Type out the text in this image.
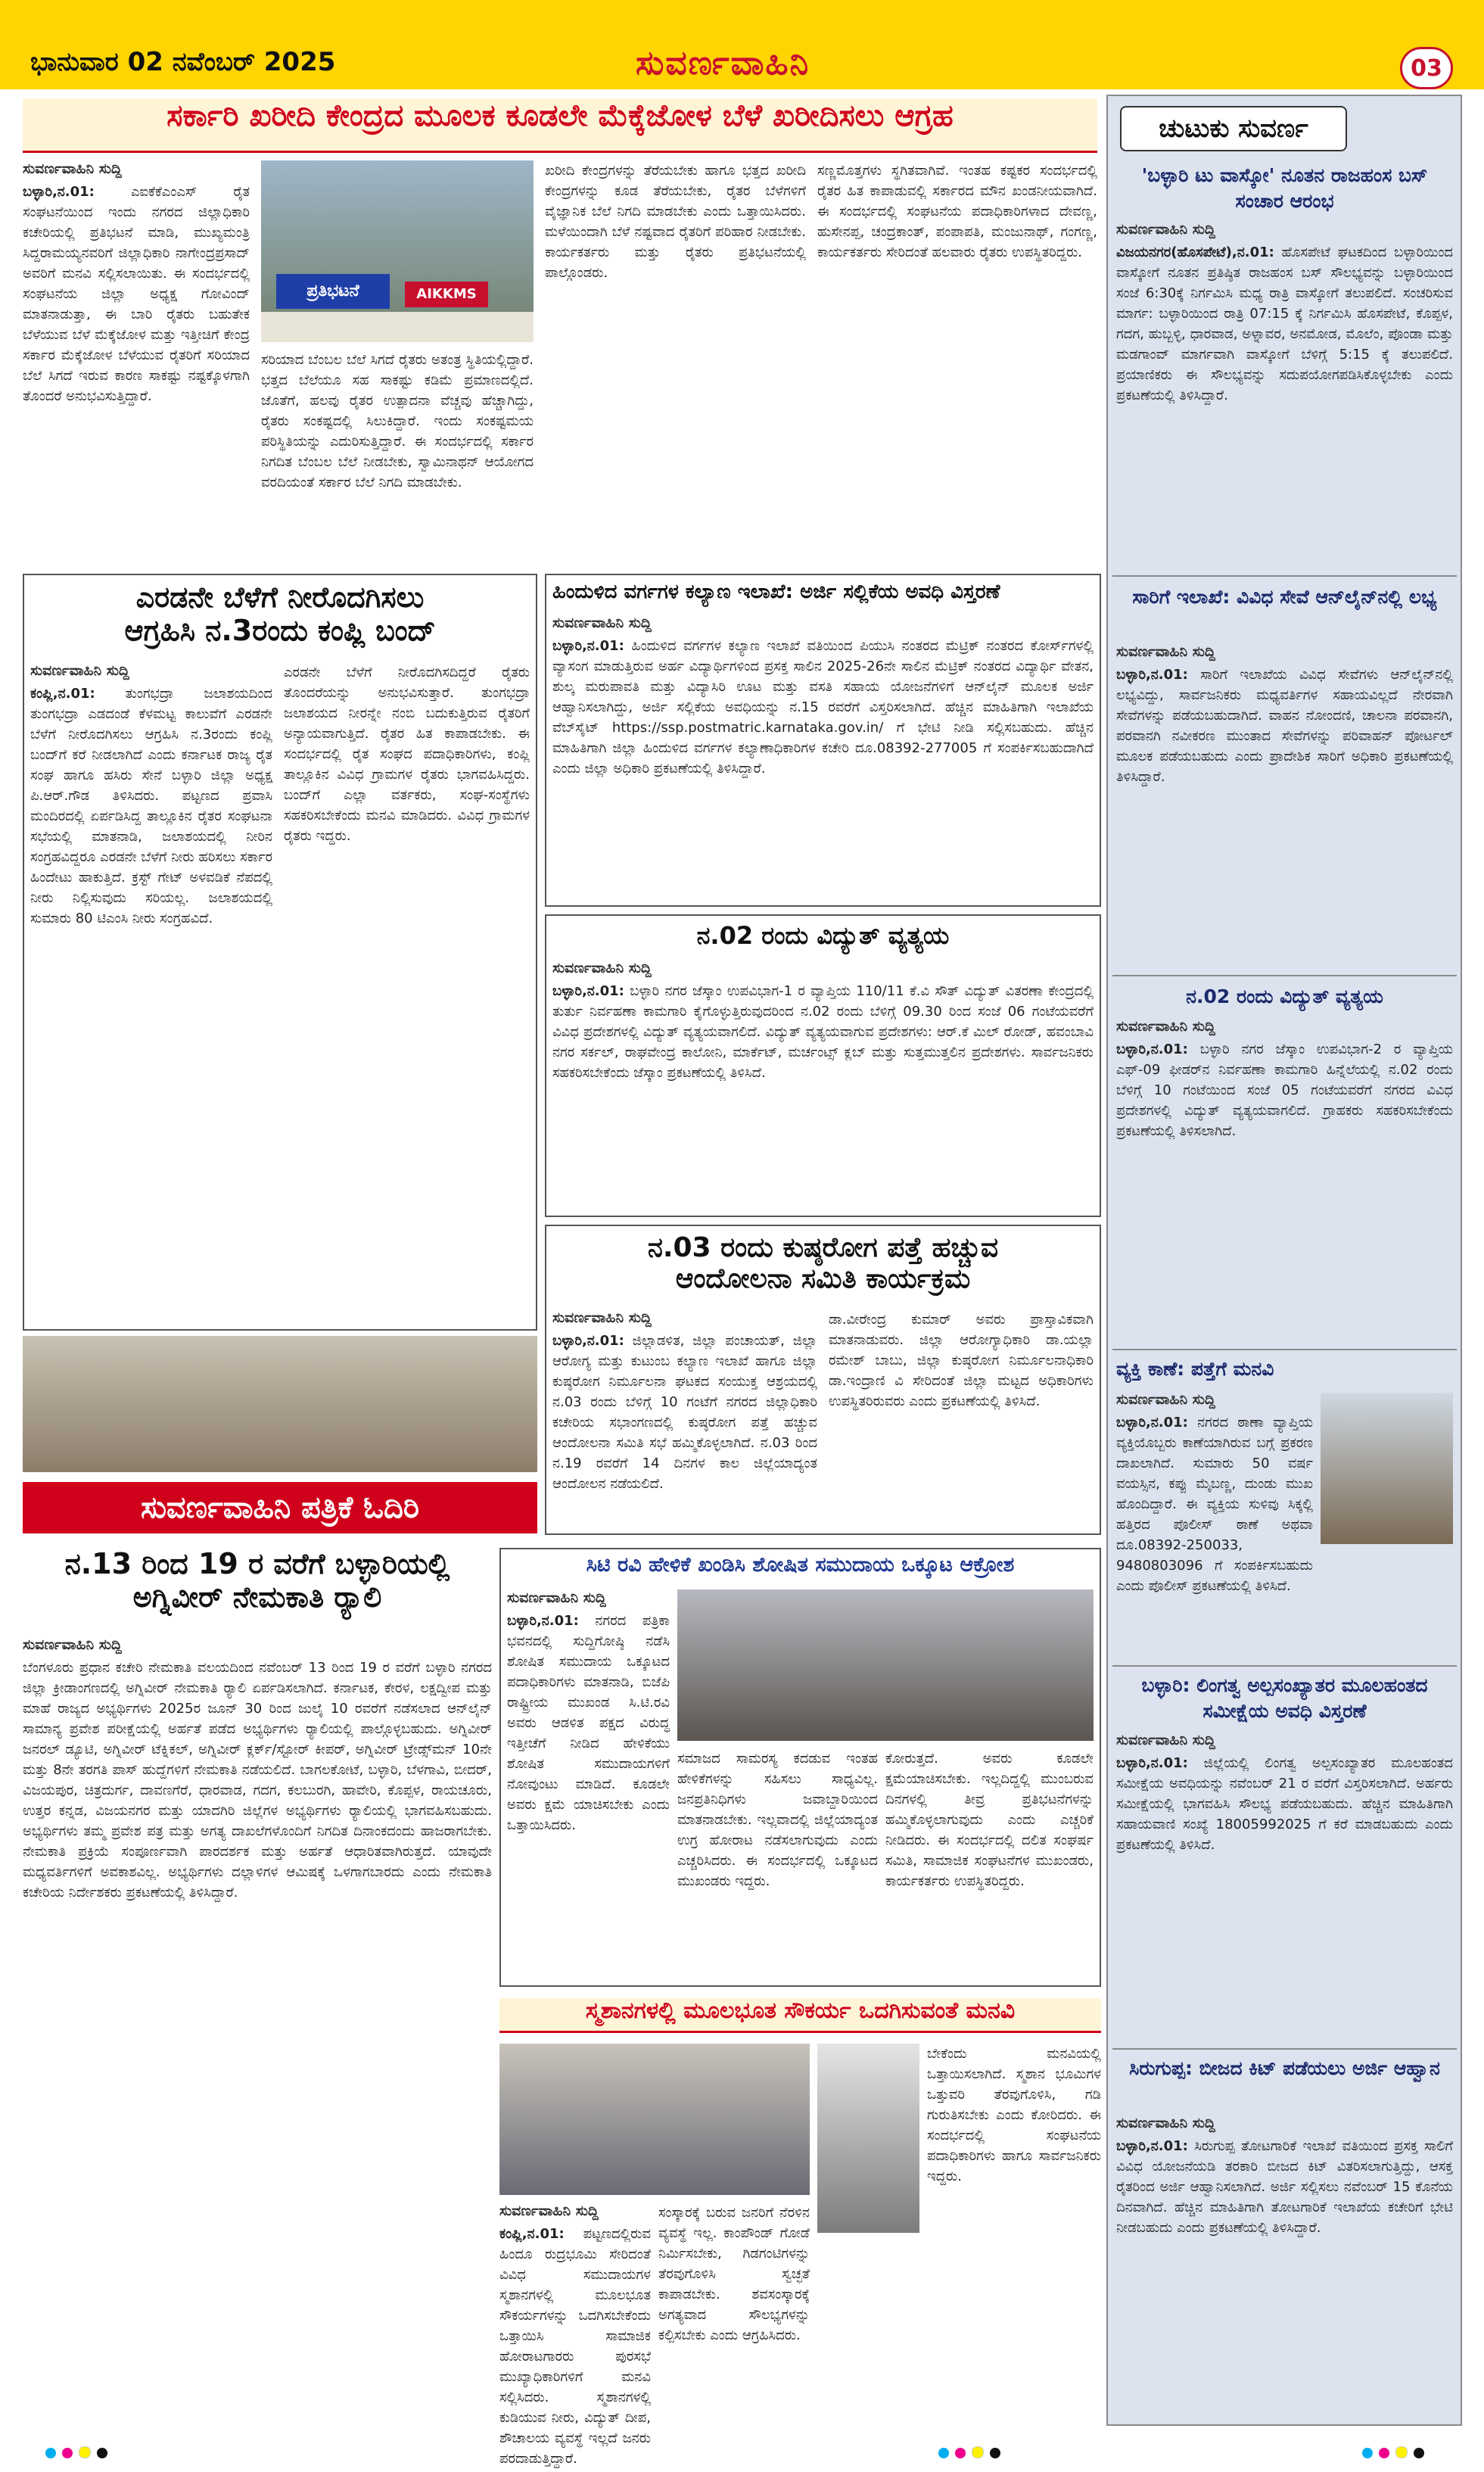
ಭಾನುವಾರ 02 ನವೆಂಬರ್ 2025	ಸುವರ್ಣವಾಹಿನಿ	03
ಸರ್ಕಾರಿ ಖರೀದಿ ಕೇಂದ್ರದ ಮೂಲಕ ಕೂಡಲೇ ಮೆಕ್ಕೆಜೋಳ ಬೆಳೆ ಖರೀದಿಸಲು ಆಗ್ರಹ
ಸುವರ್ಣವಾಹಿನಿ ಸುದ್ದಿ
ಬಳ್ಳಾರಿ,ನ.01:	ಎಐಕೆಕೆಎಂಎಸ್ ರೈತ ಸಂಘಟನೆಯಿಂದ ಇಂದು ನಗರದ ಜಿಲ್ಲಾಧಿಕಾರಿ ಕಚೇರಿಯಲ್ಲಿ ಪ್ರತಿಭಟನೆ ಮಾಡಿ, ಮುಖ್ಯಮಂತ್ರಿ ಸಿದ್ದರಾಮಯ್ಯನವರಿಗೆ ಜಿಲ್ಲಾಧಿಕಾರಿ ನಾಗೇಂದ್ರಪ್ರಸಾದ್ ಅವರಿಗೆ ಮನವಿ ಸಲ್ಲಿಸಲಾಯಿತು. ಈ ಸಂದರ್ಭದಲ್ಲಿ ಸಂಘಟನೆಯ ಜಿಲ್ಲಾ ಅಧ್ಯಕ್ಷ ಗೋವಿಂದ್ ಮಾತನಾಡುತ್ತಾ, ಈ ಬಾರಿ ರೈತರು ಬಹುತೇಕ ಬೆಳೆಯುವ ಬೆಳೆ ಮೆಕ್ಕೆಜೋಳ ಮತ್ತು ಇತ್ತೀಚಿಗೆ ಕೇಂದ್ರ ಸರ್ಕಾರ ಮೆಕ್ಕೆಜೋಳ ಬೆಳೆಯುವ ರೈತರಿಗೆ ಸರಿಯಾದ ಬೆಲೆ ಸಿಗದೆ ಇರುವ ಕಾರಣ ಸಾಕಷ್ಟು ನಷ್ಟಕ್ಕೊಳಗಾಗಿ ತೊಂದರೆ ಅನುಭವಿಸುತ್ತಿದ್ದಾರೆ.
ಪ್ರತಿಭಟನೆ	AIKKMS
ಸರಿಯಾದ ಬೆಂಬಲ ಬೆಲೆ ಸಿಗದೆ ರೈತರು ಅತಂತ್ರ ಸ್ಥಿತಿಯಲ್ಲಿದ್ದಾರೆ. ಭತ್ತದ ಬೆಲೆಯೂ ಸಹ ಸಾಕಷ್ಟು ಕಡಿಮೆ ಪ್ರಮಾಣದಲ್ಲಿದೆ. ಜೊತೆಗೆ, ಹಲವು ರೈತರ ಉತ್ಪಾದನಾ ವೆಚ್ಚವು ಹೆಚ್ಚಾಗಿದ್ದು, ರೈತರು ಸಂಕಷ್ಟದಲ್ಲಿ ಸಿಲುಕಿದ್ದಾರೆ. ಇಂದು ಸಂಕಷ್ಟಮಯ ಪರಿಸ್ಥಿತಿಯನ್ನು ಎದುರಿಸುತ್ತಿದ್ದಾರೆ. ಈ ಸಂದರ್ಭದಲ್ಲಿ ಸರ್ಕಾರ ನಿಗದಿತ ಬೆಂಬಲ ಬೆಲೆ ನೀಡಬೇಕು, ಸ್ವಾಮಿನಾಥನ್ ಆಯೋಗದ ವರದಿಯಂತೆ ಸರ್ಕಾರ ಬೆಲೆ ನಿಗದಿ ಮಾಡಬೇಕು.
ಖರೀದಿ ಕೇಂದ್ರಗಳನ್ನು ತೆರೆಯಬೇಕು ಹಾಗೂ ಭತ್ತದ ಖರೀದಿ ಕೇಂದ್ರಗಳನ್ನು ಕೂಡ ತೆರೆಯಬೇಕು, ರೈತರ ಬೆಳೆಗಳಿಗೆ ವೈಜ್ಞಾನಿಕ ಬೆಲೆ ನಿಗದಿ ಮಾಡಬೇಕು ಎಂದು ಒತ್ತಾಯಿಸಿದರು. ಮಳೆಯಿಂದಾಗಿ ಬೆಳೆ ನಷ್ಟವಾದ ರೈತರಿಗೆ ಪರಿಹಾರ ನೀಡಬೇಕು. ಕಾರ್ಯಕರ್ತರು ಮತ್ತು ರೈತರು ಪ್ರತಿಭಟನೆಯಲ್ಲಿ ಪಾಲ್ಗೊಂಡರು.
ಸಣ್ಣಮೊತ್ತಗಳು ಸ್ಥಗಿತವಾಗಿವೆ. ಇಂತಹ ಕಷ್ಟಕರ ಸಂದರ್ಭದಲ್ಲಿ ರೈತರ ಹಿತ ಕಾಪಾಡುವಲ್ಲಿ ಸರ್ಕಾರದ ಮೌನ ಖಂಡನೀಯವಾಗಿದೆ. ಈ ಸಂದರ್ಭದಲ್ಲಿ ಸಂಘಟನೆಯ ಪದಾಧಿಕಾರಿಗಳಾದ ದೇವಣ್ಣ, ಹುಸೇನಪ್ಪ, ಚಂದ್ರಕಾಂತ್, ಪಂಪಾಪತಿ, ಮಂಜುನಾಥ್, ಗಂಗಣ್ಣ, ಕಾರ್ಯಕರ್ತರು ಸೇರಿದಂತೆ ಹಲವಾರು ರೈತರು ಉಪಸ್ಥಿತರಿದ್ದರು.
ಎರಡನೇ ಬೆಳೆಗೆ ನೀರೊದಗಿಸಲು
ಆಗ್ರಹಿಸಿ ನ.3ರಂದು ಕಂಪ್ಲಿ ಬಂದ್
ಸುವರ್ಣವಾಹಿನಿ ಸುದ್ದಿ
ಕಂಪ್ಲಿ,ನ.01: ತುಂಗಭದ್ರಾ ಜಲಾಶಯದಿಂದ ತುಂಗಭದ್ರಾ ಎಡದಂಡೆ ಕೆಳಮಟ್ಟ ಕಾಲುವೆಗೆ ಎರಡನೇ ಬೆಳೆಗೆ ನೀರೊದಗಿಸಲು ಆಗ್ರಹಿಸಿ ನ.3ರಂದು ಕಂಪ್ಲಿ ಬಂದ್‌ಗೆ ಕರೆ ನೀಡಲಾಗಿದೆ ಎಂದು ಕರ್ನಾಟಕ ರಾಜ್ಯ ರೈತ ಸಂಘ ಹಾಗೂ ಹಸಿರು ಸೇನೆ ಬಳ್ಳಾರಿ ಜಿಲ್ಲಾ ಅಧ್ಯಕ್ಷ ಪಿ.ಆರ್.ಗೌಡ ತಿಳಿಸಿದರು. ಪಟ್ಟಣದ ಪ್ರವಾಸಿ ಮಂದಿರದಲ್ಲಿ ಏರ್ಪಡಿಸಿದ್ದ ತಾಲ್ಲೂಕಿನ ರೈತರ ಸಂಘಟನಾ ಸಭೆಯಲ್ಲಿ ಮಾತನಾಡಿ, ಜಲಾಶಯದಲ್ಲಿ ನೀರಿನ ಸಂಗ್ರಹವಿದ್ದರೂ ಎರಡನೇ ಬೆಳೆಗೆ ನೀರು ಹರಿಸಲು ಸರ್ಕಾರ ಹಿಂದೇಟು ಹಾಕುತ್ತಿದೆ. ಕ್ರಸ್ಟ್ ಗೇಟ್ ಅಳವಡಿಕೆ ನೆಪದಲ್ಲಿ ನೀರು ನಿಲ್ಲಿಸುವುದು ಸರಿಯಲ್ಲ. ಜಲಾಶಯದಲ್ಲಿ ಸುಮಾರು 80 ಟಿಎಂಸಿ ನೀರು ಸಂಗ್ರಹವಿದೆ.
ಎರಡನೇ ಬೆಳೆಗೆ ನೀರೊದಗಿಸದಿದ್ದರೆ ರೈತರು ತೊಂದರೆಯನ್ನು ಅನುಭವಿಸುತ್ತಾರೆ. ತುಂಗಭದ್ರಾ ಜಲಾಶಯದ ನೀರನ್ನೇ ನಂಬಿ ಬದುಕುತ್ತಿರುವ ರೈತರಿಗೆ ಅನ್ಯಾಯವಾಗುತ್ತಿದೆ. ರೈತರ ಹಿತ ಕಾಪಾಡಬೇಕು. ಈ ಸಂದರ್ಭದಲ್ಲಿ ರೈತ ಸಂಘದ ಪದಾಧಿಕಾರಿಗಳು, ಕಂಪ್ಲಿ ತಾಲ್ಲೂಕಿನ ವಿವಿಧ ಗ್ರಾಮಗಳ ರೈತರು ಭಾಗವಹಿಸಿದ್ದರು. ಬಂದ್‌ಗೆ ಎಲ್ಲಾ ವರ್ತಕರು, ಸಂಘ-ಸಂಸ್ಥೆಗಳು ಸಹಕರಿಸಬೇಕೆಂದು ಮನವಿ ಮಾಡಿದರು. ವಿವಿಧ ಗ್ರಾಮಗಳ ರೈತರು ಇದ್ದರು.
ಸುವರ್ಣವಾಹಿನಿ ಪತ್ರಿಕೆ ಓದಿರಿ
ಹಿಂದುಳಿದ ವರ್ಗಗಳ ಕಲ್ಯಾಣ ಇಲಾಖೆ: ಅರ್ಜಿ ಸಲ್ಲಿಕೆಯ ಅವಧಿ ವಿಸ್ತರಣೆ
ಸುವರ್ಣವಾಹಿನಿ ಸುದ್ದಿ
ಬಳ್ಳಾರಿ,ನ.01: ಹಿಂದುಳಿದ ವರ್ಗಗಳ ಕಲ್ಯಾಣ ಇಲಾಖೆ ವತಿಯಿಂದ ಪಿಯುಸಿ ನಂತರದ ಮೆಟ್ರಿಕ್ ನಂತರದ ಕೋರ್ಸ್‌ಗಳಲ್ಲಿ ವ್ಯಾಸಂಗ ಮಾಡುತ್ತಿರುವ ಅರ್ಹ ವಿದ್ಯಾರ್ಥಿಗಳಿಂದ ಪ್ರಸಕ್ತ ಸಾಲಿನ 2025-26ನೇ ಸಾಲಿನ ಮೆಟ್ರಿಕ್ ನಂತರದ ವಿದ್ಯಾರ್ಥಿ ವೇತನ, ಶುಲ್ಕ ಮರುಪಾವತಿ ಮತ್ತು ವಿದ್ಯಾಸಿರಿ ಊಟ ಮತ್ತು ವಸತಿ ಸಹಾಯ ಯೋಜನೆಗಳಿಗೆ ಆನ್‌ಲೈನ್ ಮೂಲಕ ಅರ್ಜಿ ಆಹ್ವಾನಿಸಲಾಗಿದ್ದು, ಅರ್ಜಿ ಸಲ್ಲಿಕೆಯ ಅವಧಿಯನ್ನು ನ.15 ರವರೆಗೆ ವಿಸ್ತರಿಸಲಾಗಿದೆ. ಹೆಚ್ಚಿನ ಮಾಹಿತಿಗಾಗಿ ಇಲಾಖೆಯ ವೆಬ್‌ಸೈಟ್ https://ssp.postmatric.karnataka.gov.in/ ಗೆ ಭೇಟಿ ನೀಡಿ ಸಲ್ಲಿಸಬಹುದು. ಹೆಚ್ಚಿನ ಮಾಹಿತಿಗಾಗಿ ಜಿಲ್ಲಾ ಹಿಂದುಳಿದ ವರ್ಗಗಳ ಕಲ್ಯಾಣಾಧಿಕಾರಿಗಳ ಕಚೇರಿ ದೂ.08392-277005 ಗೆ ಸಂಪರ್ಕಿಸಬಹುದಾಗಿದೆ ಎಂದು ಜಿಲ್ಲಾ ಅಧಿಕಾರಿ ಪ್ರಕಟಣೆಯಲ್ಲಿ ತಿಳಿಸಿದ್ದಾರೆ.
ನ.02 ರಂದು ವಿದ್ಯುತ್ ವ್ಯತ್ಯಯ
ಸುವರ್ಣವಾಹಿನಿ ಸುದ್ದಿ
ಬಳ್ಳಾರಿ,ನ.01: ಬಳ್ಳಾರಿ ನಗರ ಜೆಸ್ಕಾಂ ಉಪವಿಭಾಗ-1 ರ ವ್ಯಾಪ್ತಿಯ 110/11 ಕೆ.ವಿ ಸೌತ್ ವಿದ್ಯುತ್ ವಿತರಣಾ ಕೇಂದ್ರದಲ್ಲಿ ತುರ್ತು ನಿರ್ವಹಣಾ ಕಾಮಗಾರಿ ಕೈಗೊಳ್ಳುತ್ತಿರುವುದರಿಂದ ನ.02 ರಂದು ಬೆಳಿಗ್ಗೆ 09.30 ರಿಂದ ಸಂಜೆ 06 ಗಂಟೆಯವರೆಗೆ ವಿವಿಧ ಪ್ರದೇಶಗಳಲ್ಲಿ ವಿದ್ಯುತ್ ವ್ಯತ್ಯಯವಾಗಲಿದೆ. ವಿದ್ಯುತ್ ವ್ಯತ್ಯಯವಾಗುವ ಪ್ರದೇಶಗಳು: ಆರ್.ಕೆ ಮಿಲ್ ರೋಡ್, ಹವಂಬಾವಿ ನಗರ ಸರ್ಕಲ್, ರಾಘವೇಂದ್ರ ಕಾಲೋನಿ, ಮಾರ್ಕೆಟ್, ಮರ್ಚಂಟ್ಸ್ ಕ್ಲಬ್ ಮತ್ತು ಸುತ್ತಮುತ್ತಲಿನ ಪ್ರದೇಶಗಳು. ಸಾರ್ವಜನಿಕರು ಸಹಕರಿಸಬೇಕೆಂದು ಜೆಸ್ಕಾಂ ಪ್ರಕಟಣೆಯಲ್ಲಿ ತಿಳಿಸಿದೆ.
ನ.03 ರಂದು ಕುಷ್ಠರೋಗ ಪತ್ತೆ ಹಚ್ಚುವ
ಆಂದೋಲನಾ ಸಮಿತಿ ಕಾರ್ಯಕ್ರಮ
ಸುವರ್ಣವಾಹಿನಿ ಸುದ್ದಿ
ಬಳ್ಳಾರಿ,ನ.01: ಜಿಲ್ಲಾಡಳಿತ, ಜಿಲ್ಲಾ ಪಂಚಾಯತ್, ಜಿಲ್ಲಾ ಆರೋಗ್ಯ ಮತ್ತು ಕುಟುಂಬ ಕಲ್ಯಾಣ ಇಲಾಖೆ ಹಾಗೂ ಜಿಲ್ಲಾ ಕುಷ್ಠರೋಗ ನಿರ್ಮೂಲನಾ ಘಟಕದ ಸಂಯುಕ್ತ ಆಶ್ರಯದಲ್ಲಿ ನ.03 ರಂದು ಬೆಳಿಗ್ಗೆ 10 ಗಂಟೆಗೆ ನಗರದ ಜಿಲ್ಲಾಧಿಕಾರಿ ಕಚೇರಿಯ ಸಭಾಂಗಣದಲ್ಲಿ ಕುಷ್ಠರೋಗ ಪತ್ತೆ ಹಚ್ಚುವ ಆಂದೋಲನಾ ಸಮಿತಿ ಸಭೆ ಹಮ್ಮಿಕೊಳ್ಳಲಾಗಿದೆ. ನ.03 ರಿಂದ ನ.19 ರವರೆಗೆ 14 ದಿನಗಳ ಕಾಲ ಜಿಲ್ಲೆಯಾದ್ಯಂತ ಆಂದೋಲನ ನಡೆಯಲಿದೆ.
ಡಾ.ವೀರೇಂದ್ರ ಕುಮಾರ್ ಅವರು ಪ್ರಾಸ್ತಾವಿಕವಾಗಿ ಮಾತನಾಡುವರು. ಜಿಲ್ಲಾ ಆರೋಗ್ಯಾಧಿಕಾರಿ ಡಾ.ಯಲ್ಲಾ ರಮೇಶ್ ಬಾಬು, ಜಿಲ್ಲಾ ಕುಷ್ಠರೋಗ ನಿರ್ಮೂಲನಾಧಿಕಾರಿ ಡಾ.ಇಂದ್ರಾಣಿ ವಿ ಸೇರಿದಂತೆ ಜಿಲ್ಲಾ ಮಟ್ಟದ ಅಧಿಕಾರಿಗಳು ಉಪಸ್ಥಿತರಿರುವರು ಎಂದು ಪ್ರಕಟಣೆಯಲ್ಲಿ ತಿಳಿಸಿದೆ.
ನ.13 ರಿಂದ 19 ರ ವರೆಗೆ ಬಳ್ಳಾರಿಯಲ್ಲಿ
ಅಗ್ನಿವೀರ್ ನೇಮಕಾತಿ ರ್‍ಯಾಲಿ
ಸುವರ್ಣವಾಹಿನಿ ಸುದ್ದಿ
ಬೆಂಗಳೂರು ಪ್ರಧಾನ ಕಚೇರಿ ನೇಮಕಾತಿ ವಲಯದಿಂದ ನವೆಂಬರ್ 13 ರಿಂದ 19 ರ ವರೆಗೆ ಬಳ್ಳಾರಿ ನಗರದ ಜಿಲ್ಲಾ ಕ್ರೀಡಾಂಗಣದಲ್ಲಿ ಅಗ್ನಿವೀರ್ ನೇಮಕಾತಿ ರ್‍ಯಾಲಿ ಏರ್ಪಡಿಸಲಾಗಿದೆ. ಕರ್ನಾಟಕ, ಕೇರಳ, ಲಕ್ಷದ್ವೀಪ ಮತ್ತು ಮಾಹೆ ರಾಜ್ಯದ ಅಭ್ಯರ್ಥಿಗಳು 2025ರ ಜೂನ್ 30 ರಿಂದ ಜುಲೈ 10 ರವರೆಗೆ ನಡೆಸಲಾದ ಆನ್‌ಲೈನ್ ಸಾಮಾನ್ಯ ಪ್ರವೇಶ ಪರೀಕ್ಷೆಯಲ್ಲಿ ಅರ್ಹತೆ ಪಡೆದ ಅಭ್ಯರ್ಥಿಗಳು ರ್‍ಯಾಲಿಯಲ್ಲಿ ಪಾಲ್ಗೊಳ್ಳಬಹುದು. ಅಗ್ನಿವೀರ್ ಜನರಲ್ ಡ್ಯೂಟಿ, ಅಗ್ನಿವೀರ್ ಟೆಕ್ನಿಕಲ್, ಅಗ್ನಿವೀರ್ ಕ್ಲರ್ಕ್/ಸ್ಟೋರ್ ಕೀಪರ್, ಅಗ್ನಿವೀರ್ ಟ್ರೇಡ್ಸ್‌ಮನ್ 10ನೇ ಮತ್ತು 8ನೇ ತರಗತಿ ಪಾಸ್ ಹುದ್ದೆಗಳಿಗೆ ನೇಮಕಾತಿ ನಡೆಯಲಿದೆ. ಬಾಗಲಕೋಟೆ, ಬಳ್ಳಾರಿ, ಬೆಳಗಾವಿ, ಬೀದರ್, ವಿಜಯಪುರ, ಚಿತ್ರದುರ್ಗ, ದಾವಣಗೆರೆ, ಧಾರವಾಡ, ಗದಗ, ಕಲಬುರಗಿ, ಹಾವೇರಿ, ಕೊಪ್ಪಳ, ರಾಯಚೂರು, ಉತ್ತರ ಕನ್ನಡ, ವಿಜಯನಗರ ಮತ್ತು ಯಾದಗಿರಿ ಜಿಲ್ಲೆಗಳ ಅಭ್ಯರ್ಥಿಗಳು ರ್‍ಯಾಲಿಯಲ್ಲಿ ಭಾಗವಹಿಸಬಹುದು. ಅಭ್ಯರ್ಥಿಗಳು ತಮ್ಮ ಪ್ರವೇಶ ಪತ್ರ ಮತ್ತು ಅಗತ್ಯ ದಾಖಲೆಗಳೊಂದಿಗೆ ನಿಗದಿತ ದಿನಾಂಕದಂದು ಹಾಜರಾಗಬೇಕು. ನೇಮಕಾತಿ ಪ್ರಕ್ರಿಯೆ ಸಂಪೂರ್ಣವಾಗಿ ಪಾರದರ್ಶಕ ಮತ್ತು ಅರ್ಹತೆ ಆಧಾರಿತವಾಗಿರುತ್ತದೆ. ಯಾವುದೇ ಮಧ್ಯವರ್ತಿಗಳಿಗೆ ಅವಕಾಶವಿಲ್ಲ. ಅಭ್ಯರ್ಥಿಗಳು ದಲ್ಲಾಳಿಗಳ ಆಮಿಷಕ್ಕೆ ಒಳಗಾಗಬಾರದು ಎಂದು ನೇಮಕಾತಿ ಕಚೇರಿಯ ನಿರ್ದೇಶಕರು ಪ್ರಕಟಣೆಯಲ್ಲಿ ತಿಳಿಸಿದ್ದಾರೆ.
ಸಿಟಿ ರವಿ ಹೇಳಿಕೆ ಖಂಡಿಸಿ ಶೋಷಿತ ಸಮುದಾಯ ಒಕ್ಕೂಟ ಆಕ್ರೋಶ
ಸುವರ್ಣವಾಹಿನಿ ಸುದ್ದಿ
ಬಳ್ಳಾರಿ,ನ.01: ನಗರದ ಪತ್ರಿಕಾ ಭವನದಲ್ಲಿ ಸುದ್ದಿಗೋಷ್ಠಿ ನಡೆಸಿ ಶೋಷಿತ ಸಮುದಾಯ ಒಕ್ಕೂಟದ ಪದಾಧಿಕಾರಿಗಳು ಮಾತನಾಡಿ, ಬಿಜೆಪಿ ರಾಷ್ಟ್ರೀಯ ಮುಖಂಡ ಸಿ.ಟಿ.ರವಿ ಅವರು ಆಡಳಿತ ಪಕ್ಷದ ವಿರುದ್ಧ ಇತ್ತೀಚೆಗೆ ನೀಡಿದ ಹೇಳಿಕೆಯು ಶೋಷಿತ ಸಮುದಾಯಗಳಿಗೆ ನೋವುಂಟು ಮಾಡಿದೆ. ಕೂಡಲೇ ಅವರು ಕ್ಷಮೆ ಯಾಚಿಸಬೇಕು ಎಂದು ಒತ್ತಾಯಿಸಿದರು.
ಸಮಾಜದ ಸಾಮರಸ್ಯ ಕದಡುವ ಇಂತಹ ಹೇಳಿಕೆಗಳನ್ನು ಸಹಿಸಲು ಸಾಧ್ಯವಿಲ್ಲ. ಜನಪ್ರತಿನಿಧಿಗಳು ಜವಾಬ್ದಾರಿಯಿಂದ ಮಾತನಾಡಬೇಕು. ಇಲ್ಲವಾದಲ್ಲಿ ಜಿಲ್ಲೆಯಾದ್ಯಂತ ಉಗ್ರ ಹೋರಾಟ ನಡೆಸಲಾಗುವುದು ಎಂದು ಎಚ್ಚರಿಸಿದರು. ಈ ಸಂದರ್ಭದಲ್ಲಿ ಒಕ್ಕೂಟದ ಮುಖಂಡರು ಇದ್ದರು.
ಕೋರುತ್ತದೆ. ಅವರು ಕೂಡಲೇ ಕ್ಷಮೆಯಾಚಿಸಬೇಕು. ಇಲ್ಲದಿದ್ದಲ್ಲಿ ಮುಂಬರುವ ದಿನಗಳಲ್ಲಿ ತೀವ್ರ ಪ್ರತಿಭಟನೆಗಳನ್ನು ಹಮ್ಮಿಕೊಳ್ಳಲಾಗುವುದು ಎಂದು ಎಚ್ಚರಿಕೆ ನೀಡಿದರು. ಈ ಸಂದರ್ಭದಲ್ಲಿ ದಲಿತ ಸಂಘರ್ಷ ಸಮಿತಿ, ಸಾಮಾಜಿಕ ಸಂಘಟನೆಗಳ ಮುಖಂಡರು, ಕಾರ್ಯಕರ್ತರು ಉಪಸ್ಥಿತರಿದ್ದರು.
ಸ್ಮಶಾನಗಳಲ್ಲಿ ಮೂಲಭೂತ ಸೌಕರ್ಯ ಒದಗಿಸುವಂತೆ ಮನವಿ
ಸುವರ್ಣವಾಹಿನಿ ಸುದ್ದಿ
ಕಂಪ್ಲಿ,ನ.01: ಪಟ್ಟಣದಲ್ಲಿರುವ ಹಿಂದೂ ರುದ್ರಭೂಮಿ ಸೇರಿದಂತೆ ವಿವಿಧ ಸಮುದಾಯಗಳ ಸ್ಮಶಾನಗಳಲ್ಲಿ ಮೂಲಭೂತ ಸೌಕರ್ಯಗಳನ್ನು ಒದಗಿಸಬೇಕೆಂದು ಒತ್ತಾಯಿಸಿ ಸಾಮಾಜಿಕ ಹೋರಾಟಗಾರರು ಪುರಸಭೆ ಮುಖ್ಯಾಧಿಕಾರಿಗಳಿಗೆ ಮನವಿ ಸಲ್ಲಿಸಿದರು. ಸ್ಮಶಾನಗಳಲ್ಲಿ ಕುಡಿಯುವ ನೀರು, ವಿದ್ಯುತ್ ದೀಪ, ಶೌಚಾಲಯ ವ್ಯವಸ್ಥೆ ಇಲ್ಲದೆ ಜನರು ಪರದಾಡುತ್ತಿದ್ದಾರೆ.
ಸಂಸ್ಕಾರಕ್ಕೆ ಬರುವ ಜನರಿಗೆ ನೆರಳಿನ ವ್ಯವಸ್ಥೆ ಇಲ್ಲ. ಕಾಂಪೌಂಡ್ ಗೋಡೆ ನಿರ್ಮಿಸಬೇಕು, ಗಿಡಗಂಟಿಗಳನ್ನು ತೆರವುಗೊಳಿಸಿ ಸ್ವಚ್ಛತೆ ಕಾಪಾಡಬೇಕು. ಶವಸಂಸ್ಕಾರಕ್ಕೆ ಅಗತ್ಯವಾದ ಸೌಲಭ್ಯಗಳನ್ನು ಕಲ್ಪಿಸಬೇಕು ಎಂದು ಆಗ್ರಹಿಸಿದರು.
ಬೇಕೆಂದು ಮನವಿಯಲ್ಲಿ ಒತ್ತಾಯಿಸಲಾಗಿದೆ. ಸ್ಮಶಾನ ಭೂಮಿಗಳ ಒತ್ತುವರಿ ತೆರವುಗೊಳಿಸಿ, ಗಡಿ ಗುರುತಿಸಬೇಕು ಎಂದು ಕೋರಿದರು. ಈ ಸಂದರ್ಭದಲ್ಲಿ ಸಂಘಟನೆಯ ಪದಾಧಿಕಾರಿಗಳು ಹಾಗೂ ಸಾರ್ವಜನಿಕರು ಇದ್ದರು.
ಚುಟುಕು ಸುವರ್ಣ
'ಬಳ್ಳಾರಿ ಟು ವಾಸ್ಕೋ' ನೂತನ ರಾಜಹಂಸ ಬಸ್ ಸಂಚಾರ ಆರಂಭ
ಸುವರ್ಣವಾಹಿನಿ ಸುದ್ದಿ
ವಿಜಯನಗರ(ಹೊಸಪೇಟೆ),ನ.01: ಹೊಸಪೇಟೆ ಘಟಕದಿಂದ ಬಳ್ಳಾರಿಯಿಂದ ವಾಸ್ಕೋಗೆ ನೂತನ ಪ್ರತಿಷ್ಠಿತ ರಾಜಹಂಸ ಬಸ್ ಸೌಲಭ್ಯವನ್ನು ಬಳ್ಳಾರಿಯಿಂದ ಸಂಜೆ 6:30ಕ್ಕೆ ನಿರ್ಗಮಿಸಿ ಮಧ್ಯ ರಾತ್ರಿ ವಾಸ್ಕೋಗೆ ತಲುಪಲಿದೆ. ಸಂಚರಿಸುವ ಮಾರ್ಗ: ಬಳ್ಳಾರಿಯಿಂದ ರಾತ್ರಿ 07:15 ಕ್ಕೆ ನಿರ್ಗಮಿಸಿ ಹೊಸಪೇಟೆ, ಕೊಪ್ಪಳ, ಗದಗ, ಹುಬ್ಬಳ್ಳಿ, ಧಾರವಾಡ, ಅಳ್ನಾವರ, ಅನಮೋಡ, ಮೊಲೆಂ, ಪೊಂಡಾ ಮತ್ತು ಮಡಗಾಂವ್ ಮಾರ್ಗವಾಗಿ ವಾಸ್ಕೋಗೆ ಬೆಳಿಗ್ಗೆ 5:15 ಕ್ಕೆ ತಲುಪಲಿದೆ. ಪ್ರಯಾಣಿಕರು ಈ ಸೌಲಭ್ಯವನ್ನು ಸದುಪಯೋಗಪಡಿಸಿಕೊಳ್ಳಬೇಕು ಎಂದು ಪ್ರಕಟಣೆಯಲ್ಲಿ ತಿಳಿಸಿದ್ದಾರೆ.
ಸಾರಿಗೆ ಇಲಾಖೆ: ವಿವಿಧ ಸೇವೆ ಆನ್‌ಲೈನ್‌ನಲ್ಲಿ ಲಭ್ಯ
ಸುವರ್ಣವಾಹಿನಿ ಸುದ್ದಿ
ಬಳ್ಳಾರಿ,ನ.01: ಸಾರಿಗೆ ಇಲಾಖೆಯ ವಿವಿಧ ಸೇವೆಗಳು ಆನ್‌ಲೈನ್‌ನಲ್ಲಿ ಲಭ್ಯವಿದ್ದು, ಸಾರ್ವಜನಿಕರು ಮಧ್ಯವರ್ತಿಗಳ ಸಹಾಯವಿಲ್ಲದೆ ನೇರವಾಗಿ ಸೇವೆಗಳನ್ನು ಪಡೆಯಬಹುದಾಗಿದೆ. ವಾಹನ ನೋಂದಣಿ, ಚಾಲನಾ ಪರವಾನಗಿ, ಪರವಾನಗಿ ನವೀಕರಣ ಮುಂತಾದ ಸೇವೆಗಳನ್ನು ಪರಿವಾಹನ್ ಪೋರ್ಟಲ್ ಮೂಲಕ ಪಡೆಯಬಹುದು ಎಂದು ಪ್ರಾದೇಶಿಕ ಸಾರಿಗೆ ಅಧಿಕಾರಿ ಪ್ರಕಟಣೆಯಲ್ಲಿ ತಿಳಿಸಿದ್ದಾರೆ.
ನ.02 ರಂದು ವಿದ್ಯುತ್ ವ್ಯತ್ಯಯ
ಸುವರ್ಣವಾಹಿನಿ ಸುದ್ದಿ
ಬಳ್ಳಾರಿ,ನ.01: ಬಳ್ಳಾರಿ ನಗರ ಜೆಸ್ಕಾಂ ಉಪವಿಭಾಗ-2 ರ ವ್ಯಾಪ್ತಿಯ ಎಫ್-09 ಫೀಡರ್‌ನ ನಿರ್ವಹಣಾ ಕಾಮಗಾರಿ ಹಿನ್ನೆಲೆಯಲ್ಲಿ ನ.02 ರಂದು ಬೆಳಿಗ್ಗೆ 10 ಗಂಟೆಯಿಂದ ಸಂಜೆ 05 ಗಂಟೆಯವರೆಗೆ ನಗರದ ವಿವಿಧ ಪ್ರದೇಶಗಳಲ್ಲಿ ವಿದ್ಯುತ್ ವ್ಯತ್ಯಯವಾಗಲಿದೆ. ಗ್ರಾಹಕರು ಸಹಕರಿಸಬೇಕೆಂದು ಪ್ರಕಟಣೆಯಲ್ಲಿ ತಿಳಿಸಲಾಗಿದೆ.
ವ್ಯಕ್ತಿ ಕಾಣೆ: ಪತ್ತೆಗೆ ಮನವಿ
ಸುವರ್ಣವಾಹಿನಿ ಸುದ್ದಿ
ಬಳ್ಳಾರಿ,ನ.01: ನಗರದ ಠಾಣಾ ವ್ಯಾಪ್ತಿಯ ವ್ಯಕ್ತಿಯೊಬ್ಬರು ಕಾಣೆಯಾಗಿರುವ ಬಗ್ಗೆ ಪ್ರಕರಣ ದಾಖಲಾಗಿದೆ. ಸುಮಾರು 50 ವರ್ಷ ವಯಸ್ಸಿನ, ಕಪ್ಪು ಮೈಬಣ್ಣ, ದುಂಡು ಮುಖ ಹೊಂದಿದ್ದಾರೆ. ಈ ವ್ಯಕ್ತಿಯ ಸುಳಿವು ಸಿಕ್ಕಲ್ಲಿ ಹತ್ತಿರದ ಪೊಲೀಸ್ ಠಾಣೆ ಅಥವಾ ದೂ.08392-250033, 9480803096 ಗೆ ಸಂಪರ್ಕಿಸಬಹುದು ಎಂದು ಪೊಲೀಸ್ ಪ್ರಕಟಣೆಯಲ್ಲಿ ತಿಳಿಸಿದೆ.
ಬಳ್ಳಾರಿ: ಲಿಂಗತ್ವ ಅಲ್ಪಸಂಖ್ಯಾತರ ಮೂಲಹಂತದ ಸಮೀಕ್ಷೆಯ ಅವಧಿ ವಿಸ್ತರಣೆ
ಸುವರ್ಣವಾಹಿನಿ ಸುದ್ದಿ
ಬಳ್ಳಾರಿ,ನ.01: ಜಿಲ್ಲೆಯಲ್ಲಿ ಲಿಂಗತ್ವ ಅಲ್ಪಸಂಖ್ಯಾತರ ಮೂಲಹಂತದ ಸಮೀಕ್ಷೆಯ ಅವಧಿಯನ್ನು ನವೆಂಬರ್ 21 ರ ವರೆಗೆ ವಿಸ್ತರಿಸಲಾಗಿದೆ. ಅರ್ಹರು ಸಮೀಕ್ಷೆಯಲ್ಲಿ ಭಾಗವಹಿಸಿ ಸೌಲಭ್ಯ ಪಡೆಯಬಹುದು. ಹೆಚ್ಚಿನ ಮಾಹಿತಿಗಾಗಿ ಸಹಾಯವಾಣಿ ಸಂಖ್ಯೆ 18005992025 ಗೆ ಕರೆ ಮಾಡಬಹುದು ಎಂದು ಪ್ರಕಟಣೆಯಲ್ಲಿ ತಿಳಿಸಿದೆ.
ಸಿರುಗುಪ್ಪ: ಬೀಜದ ಕಿಟ್ ಪಡೆಯಲು ಅರ್ಜಿ ಆಹ್ವಾನ
ಸುವರ್ಣವಾಹಿನಿ ಸುದ್ದಿ
ಬಳ್ಳಾರಿ,ನ.01: ಸಿರುಗುಪ್ಪ ತೋಟಗಾರಿಕೆ ಇಲಾಖೆ ವತಿಯಿಂದ ಪ್ರಸಕ್ತ ಸಾಲಿಗೆ ವಿವಿಧ ಯೋಜನೆಯಡಿ ತರಕಾರಿ ಬೀಜದ ಕಿಟ್ ವಿತರಿಸಲಾಗುತ್ತಿದ್ದು, ಆಸಕ್ತ ರೈತರಿಂದ ಅರ್ಜಿ ಆಹ್ವಾನಿಸಲಾಗಿದೆ. ಅರ್ಜಿ ಸಲ್ಲಿಸಲು ನವೆಂಬರ್ 15 ಕೊನೆಯ ದಿನವಾಗಿದೆ. ಹೆಚ್ಚಿನ ಮಾಹಿತಿಗಾಗಿ ತೋಟಗಾರಿಕೆ ಇಲಾಖೆಯ ಕಚೇರಿಗೆ ಭೇಟಿ ನೀಡಬಹುದು ಎಂದು ಪ್ರಕಟಣೆಯಲ್ಲಿ ತಿಳಿಸಿದ್ದಾರೆ.
